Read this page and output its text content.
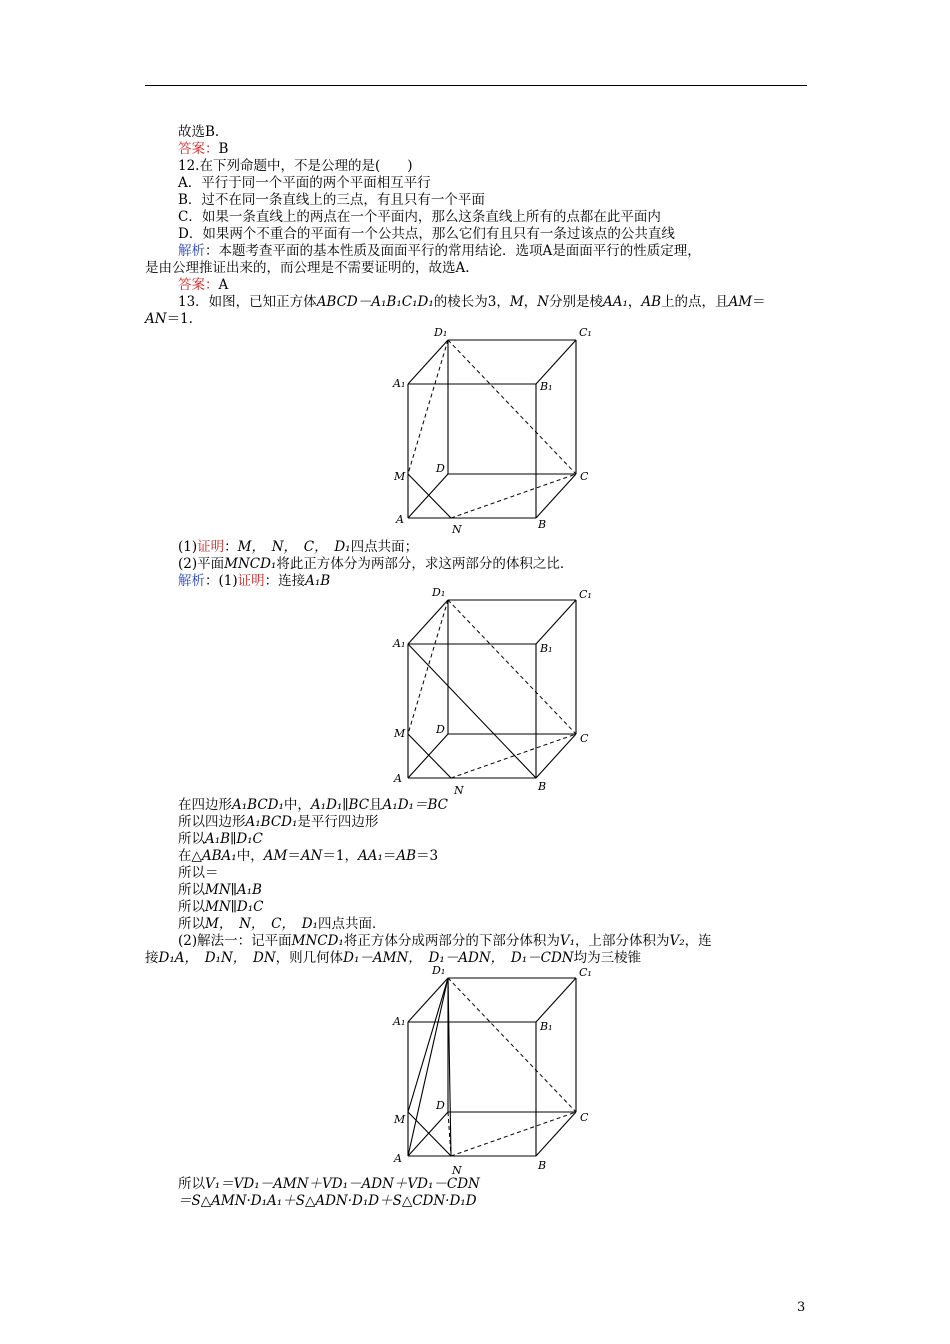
故选B.
答案：B
12.在下列命题中，不是公理的是(　　)
A．平行于同一个平面的两个平面相互平行
B．过不在同一条直线上的三点，有且只有一个平面
C．如果一条直线上的两点在一个平面内，那么这条直线上所有的点都在此平面内
D．如果两个不重合的平面有一个公共点，那么它们有且只有一条过该点的公共直线
解析：本题考查平面的基本性质及面面平行的常用结论．选项A是面面平行的性质定理，
是由公理推证出来的，而公理是不需要证明的，故选A.
答案：A
13．如图，已知正方体ABCD－A₁B₁C₁D₁的棱长为3，M，N分别是棱AA₁，AB上的点，且AM＝
AN＝1.
D₁	C₁
A₁	B₁
M
D
C
A
N	B
(1)证明：M，　N，　C，　D₁四点共面；
(2)平面MNCD₁将此正方体分为两部分，求这两部分的体积之比．
解析：(1)证明：连接A₁B
D₁	C₁
A₁	B₁
M	D
C
A
N	B
在四边形A₁BCD₁中，A₁D₁∥BC且A₁D₁＝BC
所以四边形A₁BCD₁是平行四边形
所以A₁B∥D₁C
在△ABA₁中，AM＝AN＝1，AA₁＝AB＝3
所以＝
所以MN∥A₁B
所以MN∥D₁C
所以M，　N，　C，　D₁四点共面．
(2)解法一：记平面MNCD₁将正方体分成两部分的下部分体积为V₁，上部分体积为V₂，连
接D₁A，　D₁N，　DN，则几何体D₁－AMN，　D₁－ADN，　D₁－CDN均为三棱锥
D₁	C₁
A₁	B₁
M
D
C
A
N	B
所以V₁＝VD₁－AMN＋VD₁－ADN＋VD₁－CDN
＝S△AMN·D₁A₁＋S△ADN·D₁D＋S△CDN·D₁D
3
